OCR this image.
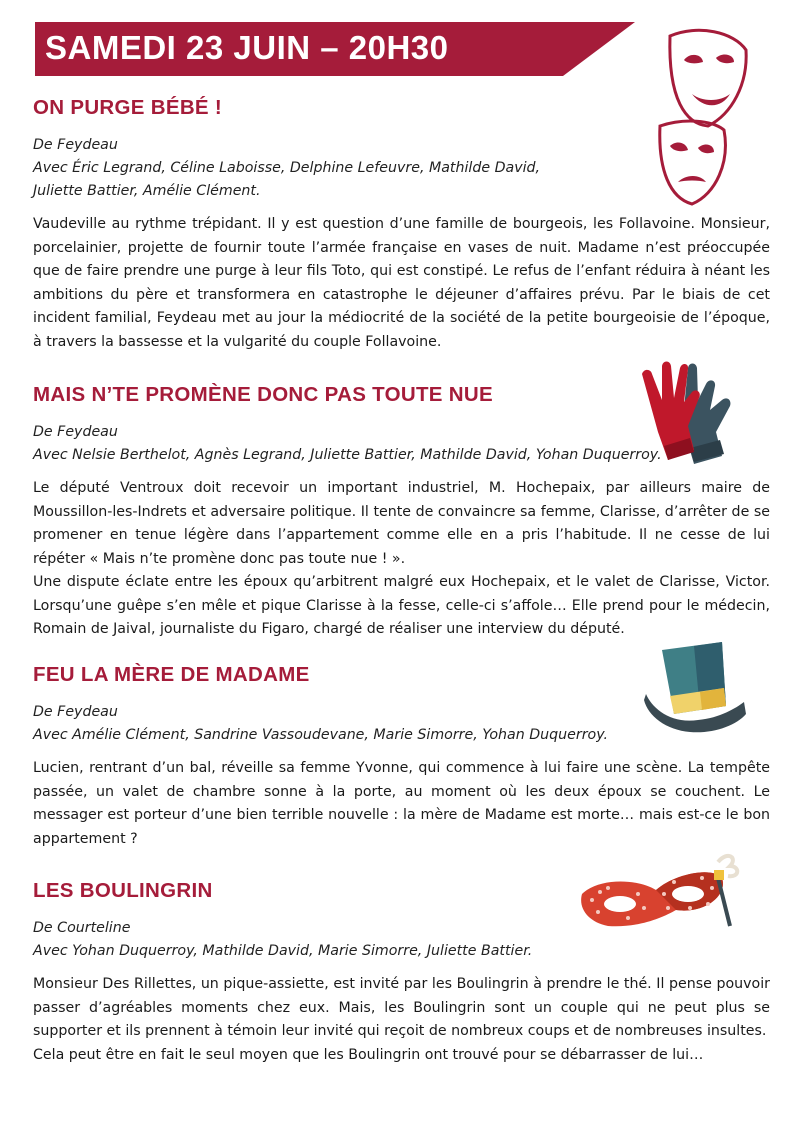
SAMEDI 23 JUIN – 20H30
ON PURGE BÉBÉ !
De Feydeau
Avec Éric Legrand, Céline Laboisse, Delphine Lefeuvre, Mathilde David,
Juliette Battier, Amélie Clément.

Vaudeville au rythme trépidant. Il y est question d’une famille de bourgeois, les Follavoine. Monsieur, porcelainier, projette de fournir toute l’armée française en vases de nuit. Madame n’est préoccupée que de faire prendre une purge à leur fils Toto, qui est constipé. Le refus de l’enfant réduira à néant les ambitions du père et transformera en catastrophe le déjeuner d’affaires prévu. Par le biais de cet incident familial, Feydeau met au jour la médiocrité de la société de la petite bourgeoisie de l’époque, à travers la bassesse et la vulgarité du couple Follavoine.

MAIS N’TE PROMÈNE DONC PAS TOUTE NUE
De Feydeau
Avec Nelsie Berthelot, Agnès Legrand, Juliette Battier, Mathilde David, Yohan Duquerroy.

Le député Ventroux doit recevoir un important industriel, M. Hochepaix, par ailleurs maire de Moussillon-les-Indrets et adversaire politique. Il tente de convaincre sa femme, Clarisse, d’arrêter de se promener en tenue légère dans l’appartement comme elle en a pris l’habitude. Il ne cesse de lui répéter « Mais n’te promène donc pas toute nue ! ».

Une dispute éclate entre les époux qu’arbitrent malgré eux Hochepaix, et le valet de Clarisse, Victor. Lorsqu’une guêpe s’en mêle et pique Clarisse à la fesse, celle-ci s’affole… Elle prend pour le médecin, Romain de Jaival, journaliste du Figaro, chargé de réaliser une interview du député.

FEU LA MÈRE DE MADAME
De Feydeau
Avec Amélie Clément, Sandrine Vassoudevane, Marie Simorre, Yohan Duquerroy.

Lucien, rentrant d’un bal, réveille sa femme Yvonne, qui commence à lui faire une scène. La tempête passée, un valet de chambre sonne à la porte, au moment où les deux époux se couchent. Le messager est porteur d’une bien terrible nouvelle : la mère de Madame est morte… mais est-ce le bon appartement ?

LES BOULINGRIN
De Courteline
Avec Yohan Duquerroy, Mathilde David, Marie Simorre, Juliette Battier.

Monsieur Des Rillettes, un pique-assiette, est invité par les Boulingrin à prendre le thé. Il pense pouvoir passer d’agréables moments chez eux. Mais, les Boulingrin sont un couple qui ne peut plus se supporter et ils prennent à témoin leur invité qui reçoit de nombreux coups et de nombreuses insultes.

Cela peut être en fait le seul moyen que les Boulingrin ont trouvé pour se débarrasser de lui…
